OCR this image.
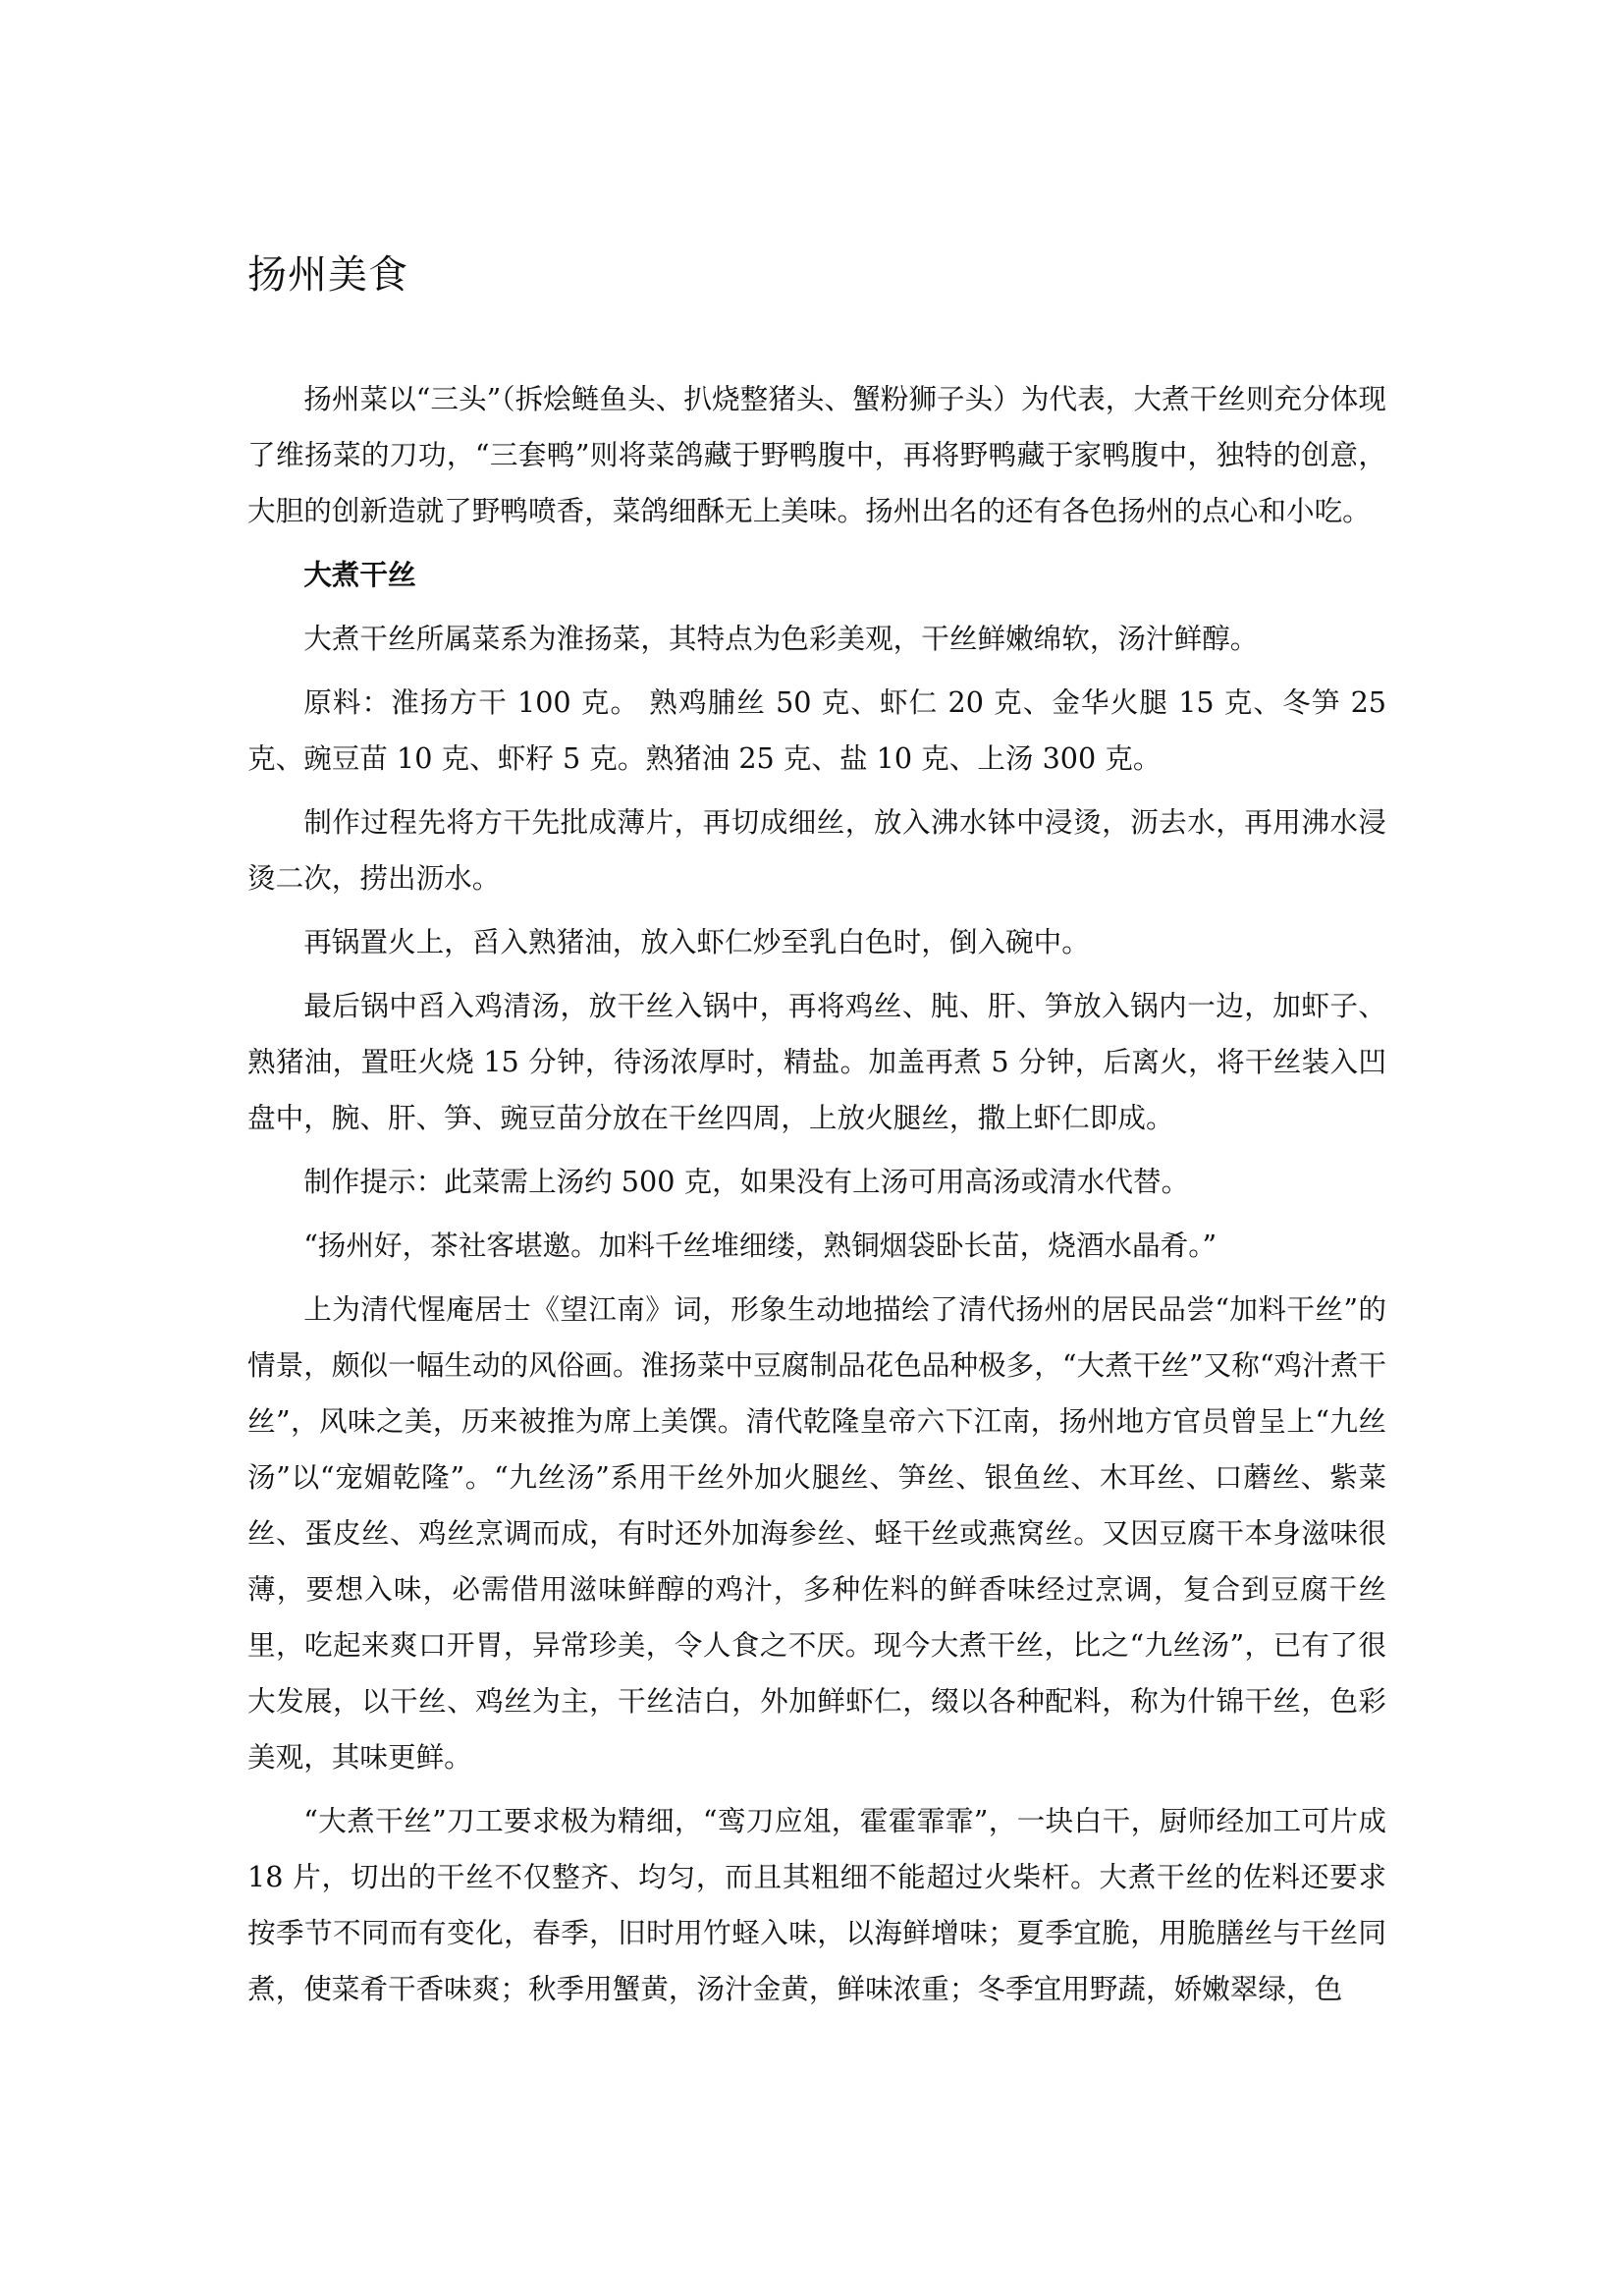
扬州美食

扬州菜以“三头”（拆烩鲢鱼头、扒烧整猪头、蟹粉狮子头）为代表，大煮干丝则充分体现了维扬菜的刀功，“三套鸭”则将菜鸽藏于野鸭腹中，再将野鸭藏于家鸭腹中，独特的创意，大胆的创新造就了野鸭喷香，菜鸽细酥无上美味。扬州出名的还有各色扬州的点心和小吃。

大煮干丝

大煮干丝所属菜系为淮扬菜，其特点为色彩美观，干丝鲜嫩绵软，汤汁鲜醇。

原料：淮扬方干 100 克。 熟鸡脯丝 50 克、虾仁 20 克、金华火腿 15 克、冬笋 25 克、豌豆苗 10 克、虾籽 5 克。熟猪油 25 克、盐 10 克、上汤 300 克。

制作过程先将方干先批成薄片，再切成细丝，放入沸水钵中浸烫，沥去水，再用沸水浸烫二次，捞出沥水。

再锅置火上，舀入熟猪油，放入虾仁炒至乳白色时，倒入碗中。

最后锅中舀入鸡清汤，放干丝入锅中，再将鸡丝、肫、肝、笋放入锅内一边，加虾子、熟猪油，置旺火烧 15 分钟，待汤浓厚时，精盐。加盖再煮 5 分钟，后离火，将干丝装入凹盘中，腕、肝、笋、豌豆苗分放在干丝四周，上放火腿丝，撒上虾仁即成。

制作提示：此菜需上汤约 500 克，如果没有上汤可用高汤或清水代替。

“扬州好，茶社客堪邀。加料千丝堆细缕，熟铜烟袋卧长苗，烧酒水晶肴。”

上为清代惺庵居士《望江南》词，形象生动地描绘了清代扬州的居民品尝“加料干丝”的情景，颇似一幅生动的风俗画。淮扬菜中豆腐制品花色品种极多，“大煮干丝”又称“鸡汁煮干丝”，风味之美，历来被推为席上美馔。清代乾隆皇帝六下江南，扬州地方官员曾呈上“九丝汤”以“宠媚乾隆”。“九丝汤”系用干丝外加火腿丝、笋丝、银鱼丝、木耳丝、口蘑丝、紫菜丝、蛋皮丝、鸡丝烹调而成，有时还外加海参丝、蛏干丝或燕窝丝。又因豆腐干本身滋味很薄，要想入味，必需借用滋味鲜醇的鸡汁，多种佐料的鲜香味经过烹调，复合到豆腐干丝里，吃起来爽口开胃，异常珍美，令人食之不厌。现今大煮干丝，比之“九丝汤”，已有了很大发展，以干丝、鸡丝为主，干丝洁白，外加鲜虾仁，缀以各种配料，称为什锦干丝，色彩美观，其味更鲜。

“大煮干丝”刀工要求极为精细，“鸾刀应俎，霍霍霏霏”，一块白干，厨师经加工可片成 18 片，切出的干丝不仅整齐、均匀，而且其粗细不能超过火柴杆。大煮干丝的佐料还要求按季节不同而有变化，春季，旧时用竹蛏入味，以海鲜增味；夏季宜脆，用脆膳丝与干丝同煮，使菜肴干香味爽；秋季用蟹黄，汤汁金黄，鲜味浓重；冬季宜用野蔬，娇嫩翠绿，色
